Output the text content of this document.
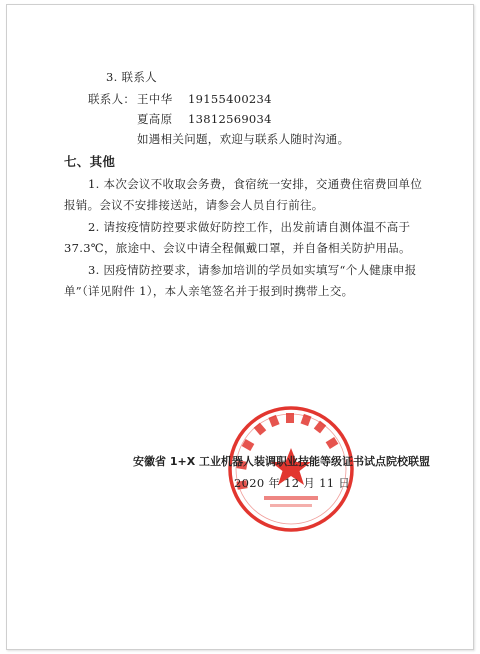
3. 联系人
联系人： 王中华 19155400234
夏高原 13812569034
如遇相关问题，欢迎与联系人随时沟通。
七、其他
1. 本次会议不收取会务费，食宿统一安排，交通费住宿费回单位
报销。会议不安排接送站，请参会人员自行前往。
2. 请按疫情防控要求做好防控工作，出发前请自测体温不高于
37.3℃，旅途中、会议中请全程佩戴口罩，并自备相关防护用品。
3. 因疫情防控要求，请参加培训的学员如实填写“个人健康申报
单”（详见附件 1），本人亲笔签名并于报到时携带上交。
安徽省 1+X 工业机器人装调职业技能等级证书试点院校联盟
2020 年 12 月 11 日
